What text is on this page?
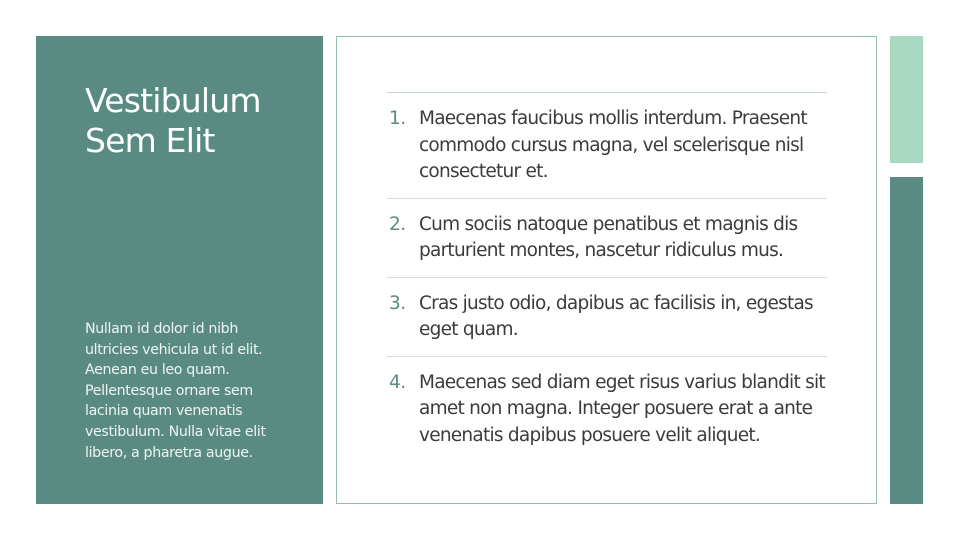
Vestibulum
Sem Elit

Nullam id dolor id nibh ultricies vehicula ut id elit. Aenean eu leo quam. Pellentesque ornare sem lacinia quam venenatis vestibulum. Nulla vitae elit libero, a pharetra augue.

1. Maecenas faucibus mollis interdum. Praesent commodo cursus magna, vel scelerisque nisl consectetur et.
2. Cum sociis natoque penatibus et magnis dis parturient montes, nascetur ridiculus mus.
3. Cras justo odio, dapibus ac facilisis in, egestas eget quam.
4. Maecenas sed diam eget risus varius blandit sit amet non magna. Integer posuere erat a ante venenatis dapibus posuere velit aliquet.
